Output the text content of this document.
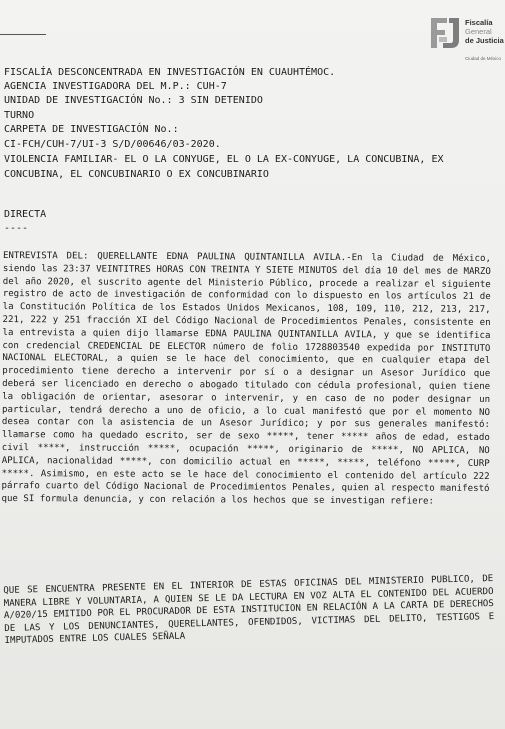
Fiscalía
General
de Justicia
Ciudad de México
FISCALÍA DESCONCENTRADA EN INVESTIGACIÓN EN CUAUHTÉMOC.
AGENCIA INVESTIGADORA DEL M.P.: CUH-7
UNIDAD DE INVESTIGACIÓN No.: 3 SIN DETENIDO
TURNO
CARPETA DE INVESTIGACIÓN No.:
CI-FCH/CUH-7/UI-3 S/D/00646/03-2020.
VIOLENCIA FAMILIAR- EL O LA CONYUGE, EL O LA EX-CONYUGE, LA CONCUBINA, EX
CONCUBINA, EL CONCUBINARIO O EX CONCUBINARIO
DIRECTA
----

ENTREVISTA DEL: QUERELLANTE EDNA PAULINA QUINTANILLA AVILA.-En la Ciudad de México, siendo las 23:37 VEINTITRES HORAS CON TREINTA Y SIETE MINUTOS del día 10 del mes de MARZO del año 2020, el suscrito agente del Ministerio Público, procede a realizar el siguiente registro de acto de investigación de conformidad con lo dispuesto en los artículos 21 de la Constitución Política de los Estados Unidos Mexicanos, 108, 109, 110, 212, 213, 217, 221, 222 y 251 fracción XI del Código Nacional de Procedimientos Penales, consistente en la entrevista a quien dijo llamarse EDNA PAULINA QUINTANILLA AVILA, y que se identifica con credencial CREDENCIAL DE ELECTOR número de folio 1728803540 expedida por INSTITUTO NACIONAL ELECTORAL, a quien se le hace del conocimiento, que en cualquier etapa del procedimiento tiene derecho a intervenir por sí o a designar un Asesor Jurídico que deberá ser licenciado en derecho o abogado titulado con cédula profesional, quien tiene la obligación de orientar, asesorar o intervenir, y en caso de no poder designar un particular, tendrá derecho a uno de oficio, a lo cual manifestó que por el momento NO desea contar con la asistencia de un Asesor Jurídico; y por sus generales manifestó: llamarse como ha quedado escrito, ser de sexo *****, tener ***** años de edad, estado civil *****, instrucción *****, ocupación *****, originario de *****, NO APLICA, NO APLICA, nacionalidad *****, con domicilio actual en *****, *****, teléfono *****, CURP *****. Asimismo, en este acto se le hace del conocimiento el contenido del artículo 222 párrafo cuarto del Código Nacional de Procedimientos Penales, quien al respecto manifestó que SI formula denuncia, y con relación a los hechos que se investigan refiere:

QUE SE ENCUENTRA PRESENTE EN EL INTERIOR DE ESTAS OFICINAS DEL MINISTERIO PUBLICO, DE MANERA LIBRE Y VOLUNTARIA, A QUIEN SE LE DA LECTURA EN VOZ ALTA EL CONTENIDO DEL ACUERDO A/020/15 EMITIDO POR EL PROCURADOR DE ESTA INSTITUCION EN RELACIÓN A LA CARTA DE DERECHOS DE LAS Y LOS DENUNCIANTES, QUERELLANTES, OFENDIDOS, VICTIMAS DEL DELITO, TESTIGOS E IMPUTADOS ENTRE LOS CUALES SEÑALA
